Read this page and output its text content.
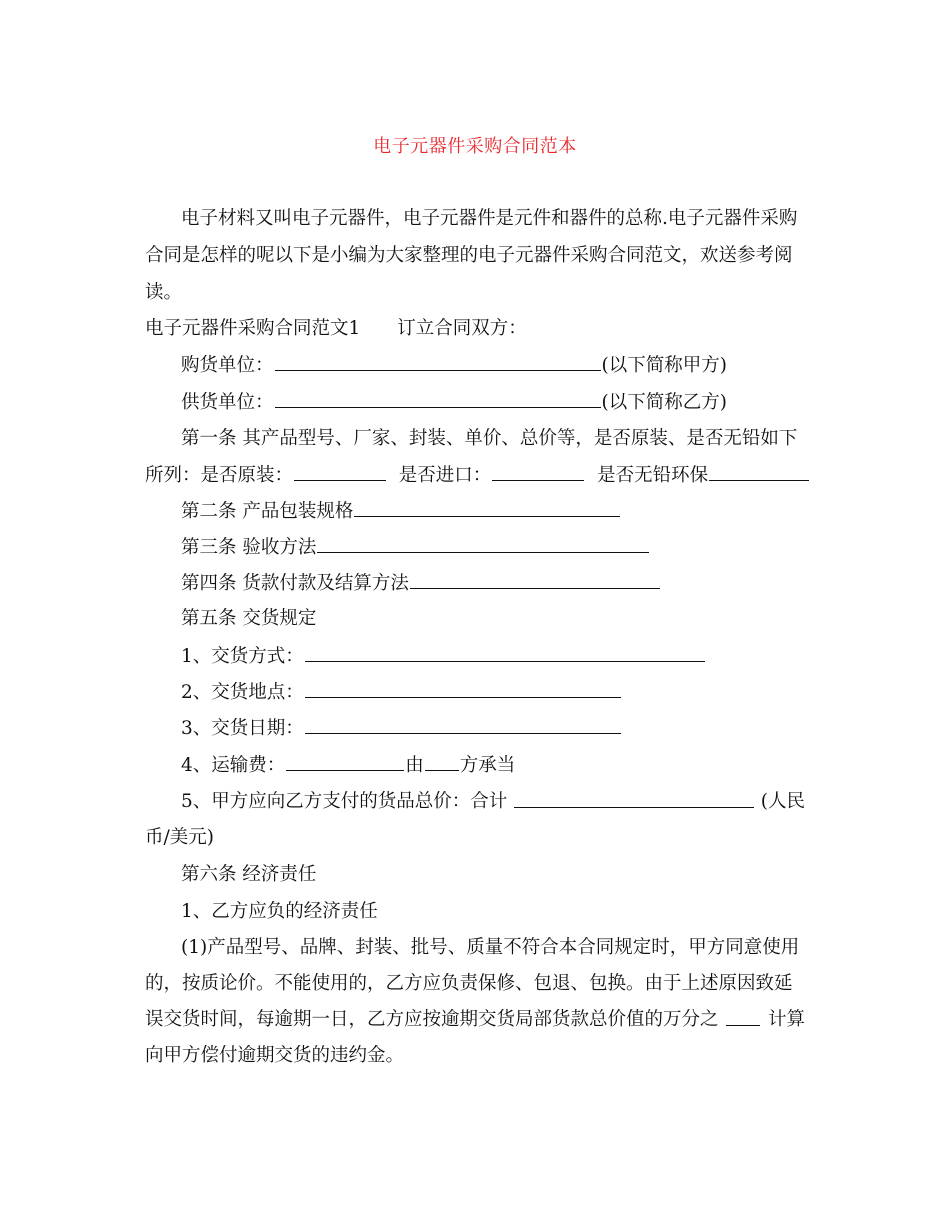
电子元器件采购合同范本
电子材料又叫电子元器件，电子元器件是元件和器件的总称.电子元器件采购
合同是怎样的呢以下是小编为大家整理的电子元器件采购合同范文，欢送参考阅
读。
电子元器件采购合同范文1　　订立合同双方：
购货单位：	(以下简称甲方)
供货单位：	(以下简称乙方)
第一条 其产品型号、厂家、封装、单价、总价等，是否原装、是否无铅如下
所列：是否原装：	是否进口：	是否无铅环保
第二条 产品包装规格
第三条 验收方法
第四条 货款付款及结算方法
第五条 交货规定
1、交货方式：
2、交货地点：
3、交货日期：
4、运输费：	由 方承当
5、甲方应向乙方支付的货品总价：合计	(人民
币/美元)
第六条 经济责任
1、乙方应负的经济责任
(1)产品型号、品牌、封装、批号、质量不符合本合同规定时，甲方同意使用
的，按质论价。不能使用的，乙方应负责保修、包退、包换。由于上述原因致延
误交货时间，每逾期一日，乙方应按逾期交货局部货款总价值的万分之	计算
向甲方偿付逾期交货的违约金。
